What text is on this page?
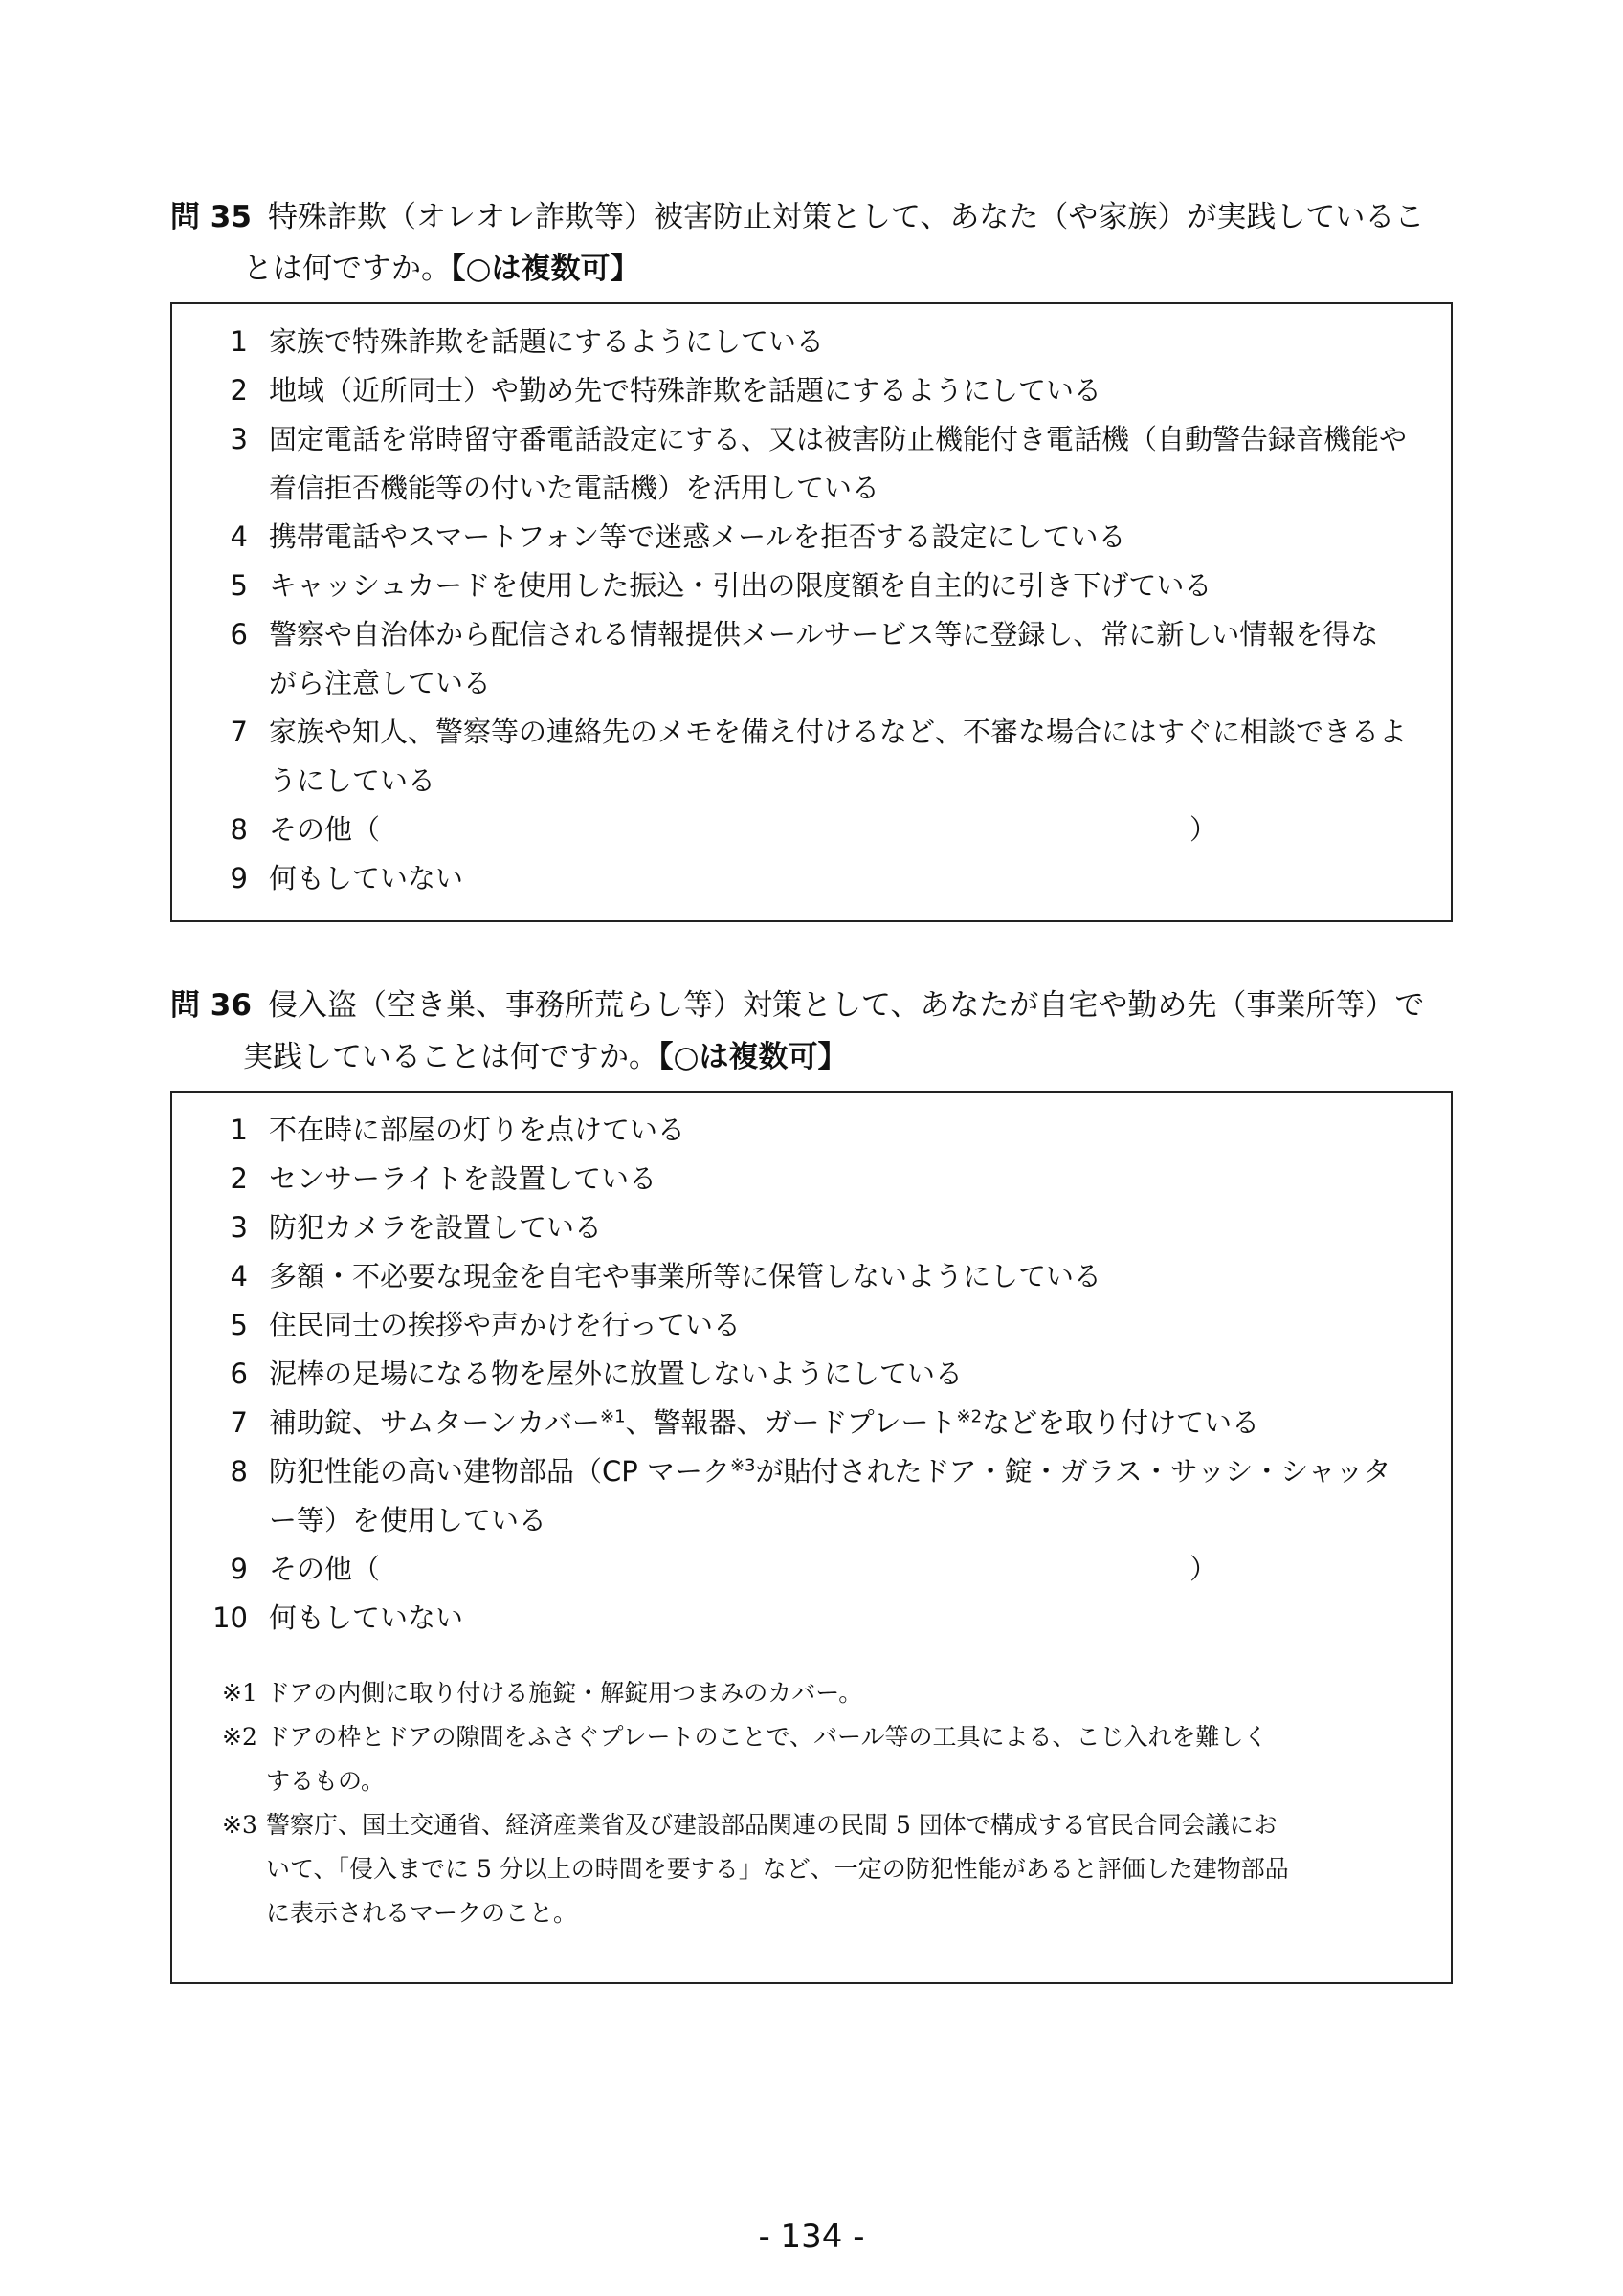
問 35 特殊詐欺（オレオレ詐欺等）被害防止対策として、あなた（や家族）が実践しているこ
とは何ですか。【○は複数可】
1 家族で特殊詐欺を話題にするようにしている
2 地域（近所同士）や勤め先で特殊詐欺を話題にするようにしている
3 固定電話を常時留守番電話設定にする、又は被害防止機能付き電話機（自動警告録音機能や
着信拒否機能等の付いた電話機）を活用している
4 携帯電話やスマートフォン等で迷惑メールを拒否する設定にしている
5 キャッシュカードを使用した振込・引出の限度額を自主的に引き下げている
6 警察や自治体から配信される情報提供メールサービス等に登録し、常に新しい情報を得な
がら注意している
7 家族や知人、警察等の連絡先のメモを備え付けるなど、不審な場合にはすぐに相談できるよ
うにしている
8 その他（	）
9 何もしていない
問 36 侵入盗（空き巣、事務所荒らし等）対策として、あなたが自宅や勤め先（事業所等）で
実践していることは何ですか。【○は複数可】
1 不在時に部屋の灯りを点けている
2 センサーライトを設置している
3 防犯カメラを設置している
4 多額・不必要な現金を自宅や事業所等に保管しないようにしている
5 住民同士の挨拶や声かけを行っている
6 泥棒の足場になる物を屋外に放置しないようにしている
7 補助錠、サムターンカバー$^{※1}$、警報器、ガードプレート$^{※2}$などを取り付けている
8 防犯性能の高い建物部品（CP マーク$^{※3}$が貼付されたドア・錠・ガラス・サッシ・シャッタ
ー等）を使用している
9 その他（	）
10 何もしていない
※1 ドアの内側に取り付ける施錠・解錠用つまみのカバー。
※2 ドアの枠とドアの隙間をふさぐプレートのことで、バール等の工具による、こじ入れを難しく
するもの。
※3 警察庁、国土交通省、経済産業省及び建設部品関連の民間 5 団体で構成する官民合同会議にお
いて、「侵入までに 5 分以上の時間を要する」など、一定の防犯性能があると評価した建物部品
に表示されるマークのこと。
- 134 -
